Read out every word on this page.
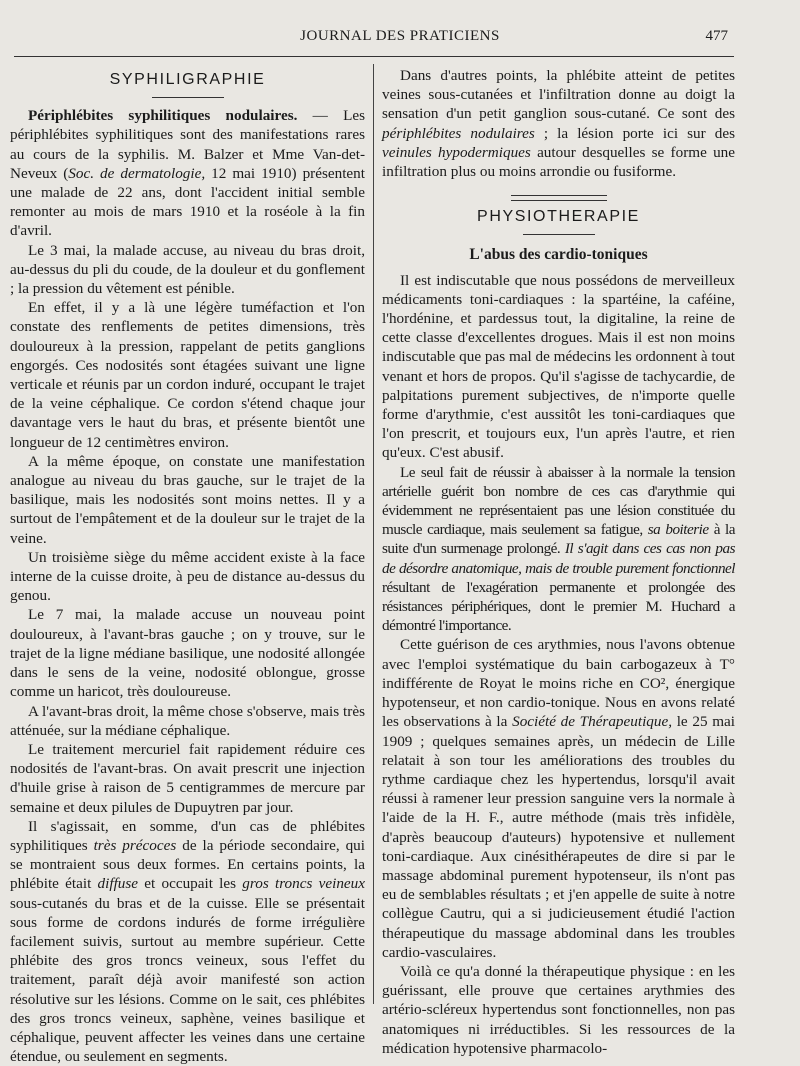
JOURNAL DES PRATICIENS	477
SYPHILIGRAPHIE

Périphlébites syphilitiques nodulaires. — Les périphlébites syphilitiques sont des manifestations rares au cours de la syphilis. M. Balzer et Mme Van-det-Neveux (Soc. de dermatologie, 12 mai 1910) présentent une malade de 22 ans, dont l'accident initial semble remonter au mois de mars 1910 et la roséole à la fin d'avril.

Le 3 mai, la malade accuse, au niveau du bras droit, au-dessus du pli du coude, de la douleur et du gonflement ; la pression du vêtement est pénible.

En effet, il y a là une légère tuméfaction et l'on constate des renflements de petites dimensions, très douloureux à la pression, rappelant de petits ganglions engorgés. Ces nodosités sont étagées suivant une ligne verticale et réunis par un cordon induré, occupant le trajet de la veine céphalique. Ce cordon s'étend chaque jour davantage vers le haut du bras, et présente bientôt une longueur de 12 centimètres environ.

A la même époque, on constate une manifestation analogue au niveau du bras gauche, sur le trajet de la basilique, mais les nodosités sont moins nettes. Il y a surtout de l'empâtement et de la douleur sur le trajet de la veine.

Un troisième siège du même accident existe à la face interne de la cuisse droite, à peu de distance au-dessus du genou.

Le 7 mai, la malade accuse un nouveau point douloureux, à l'avant-bras gauche ; on y trouve, sur le trajet de la ligne médiane basilique, une nodosité allongée dans le sens de la veine, nodosité oblongue, grosse comme un haricot, très douloureuse.

A l'avant-bras droit, la même chose s'observe, mais très atténuée, sur la médiane céphalique.

Le traitement mercuriel fait rapidement réduire ces nodosités de l'avant-bras. On avait prescrit une injection d'huile grise à raison de 5 centigrammes de mercure par semaine et deux pilules de Dupuytren par jour.

Il s'agissait, en somme, d'un cas de phlébites syphilitiques très précoces de la période secondaire, qui se montraient sous deux formes. En certains points, la phlébite était diffuse et occupait les gros troncs veineux sous-cutanés du bras et de la cuisse. Elle se présentait sous forme de cordons indurés de forme irrégulière facilement suivis, surtout au membre supérieur. Cette phlébite des gros troncs veineux, sous l'effet du traitement, paraît déjà avoir manifesté son action résolutive sur les lésions. Comme on le sait, ces phlébites des gros troncs veineux, saphène, veines basilique et céphalique, peuvent affecter les veines dans une certaine étendue, ou seulement en segments.

Dans d'autres points, la phlébite atteint de petites veines sous-cutanées et l'infiltration donne au doigt la sensation d'un petit ganglion sous-cutané. Ce sont des périphlébites nodulaires ; la lésion porte ici sur des veinules hypodermiques autour desquelles se forme une infiltration plus ou moins arrondie ou fusiforme.

PHYSIOTHERAPIE
L'abus des cardio-toniques

Il est indiscutable que nous possédons de merveilleux médicaments toni-cardiaques : la spartéine, la caféine, l'hordénine, et pardessus tout, la digitaline, la reine de cette classe d'excellentes drogues. Mais il est non moins indiscutable que pas mal de médecins les ordonnent à tout venant et hors de propos. Qu'il s'agisse de tachycardie, de palpitations purement subjectives, de n'importe quelle forme d'arythmie, c'est aussitôt les toni-cardiaques que l'on prescrit, et toujours eux, l'un après l'autre, et rien qu'eux. C'est abusif.

Le seul fait de réussir à abaisser à la normale la tension artérielle guérit bon nombre de ces cas d'arythmie qui évidemment ne représentaient pas une lésion constituée du muscle cardiaque, mais seulement sa fatigue, sa boiterie à la suite d'un surmenage prolongé. Il s'agit dans ces cas non pas de désordre anatomique, mais de trouble purement fonctionnel résultant de l'exagération permanente et prolongée des résistances périphériques, dont le premier M. Huchard a démontré l'importance.

Cette guérison de ces arythmies, nous l'avons obtenue avec l'emploi systématique du bain carbogazeux à T° indifférente de Royat le moins riche en CO², énergique hypotenseur, et non cardio-tonique. Nous en avons relaté les observations à la Société de Thérapeutique, le 25 mai 1909 ; quelques semaines après, un médecin de Lille relatait à son tour les améliorations des troubles du rythme cardiaque chez les hypertendus, lorsqu'il avait réussi à ramener leur pression sanguine vers la normale à l'aide de la H. F., autre méthode (mais très infidèle, d'après beaucoup d'auteurs) hypotensive et nullement toni-cardiaque. Aux cinésithérapeutes de dire si par le massage abdominal purement hypotenseur, ils n'ont pas eu de semblables résultats ; et j'en appelle de suite à notre collègue Cautru, qui a si judicieusement étudié l'action thérapeutique du massage abdominal dans les troubles cardio-vasculaires.

Voilà ce qu'a donné la thérapeutique physique : en les guérissant, elle prouve que certaines arythmies des artério-scléreux hypertendus sont fonctionnelles, non pas anatomiques ni irréductibles. Si les ressources de la médication hypotensive pharmacolo-
